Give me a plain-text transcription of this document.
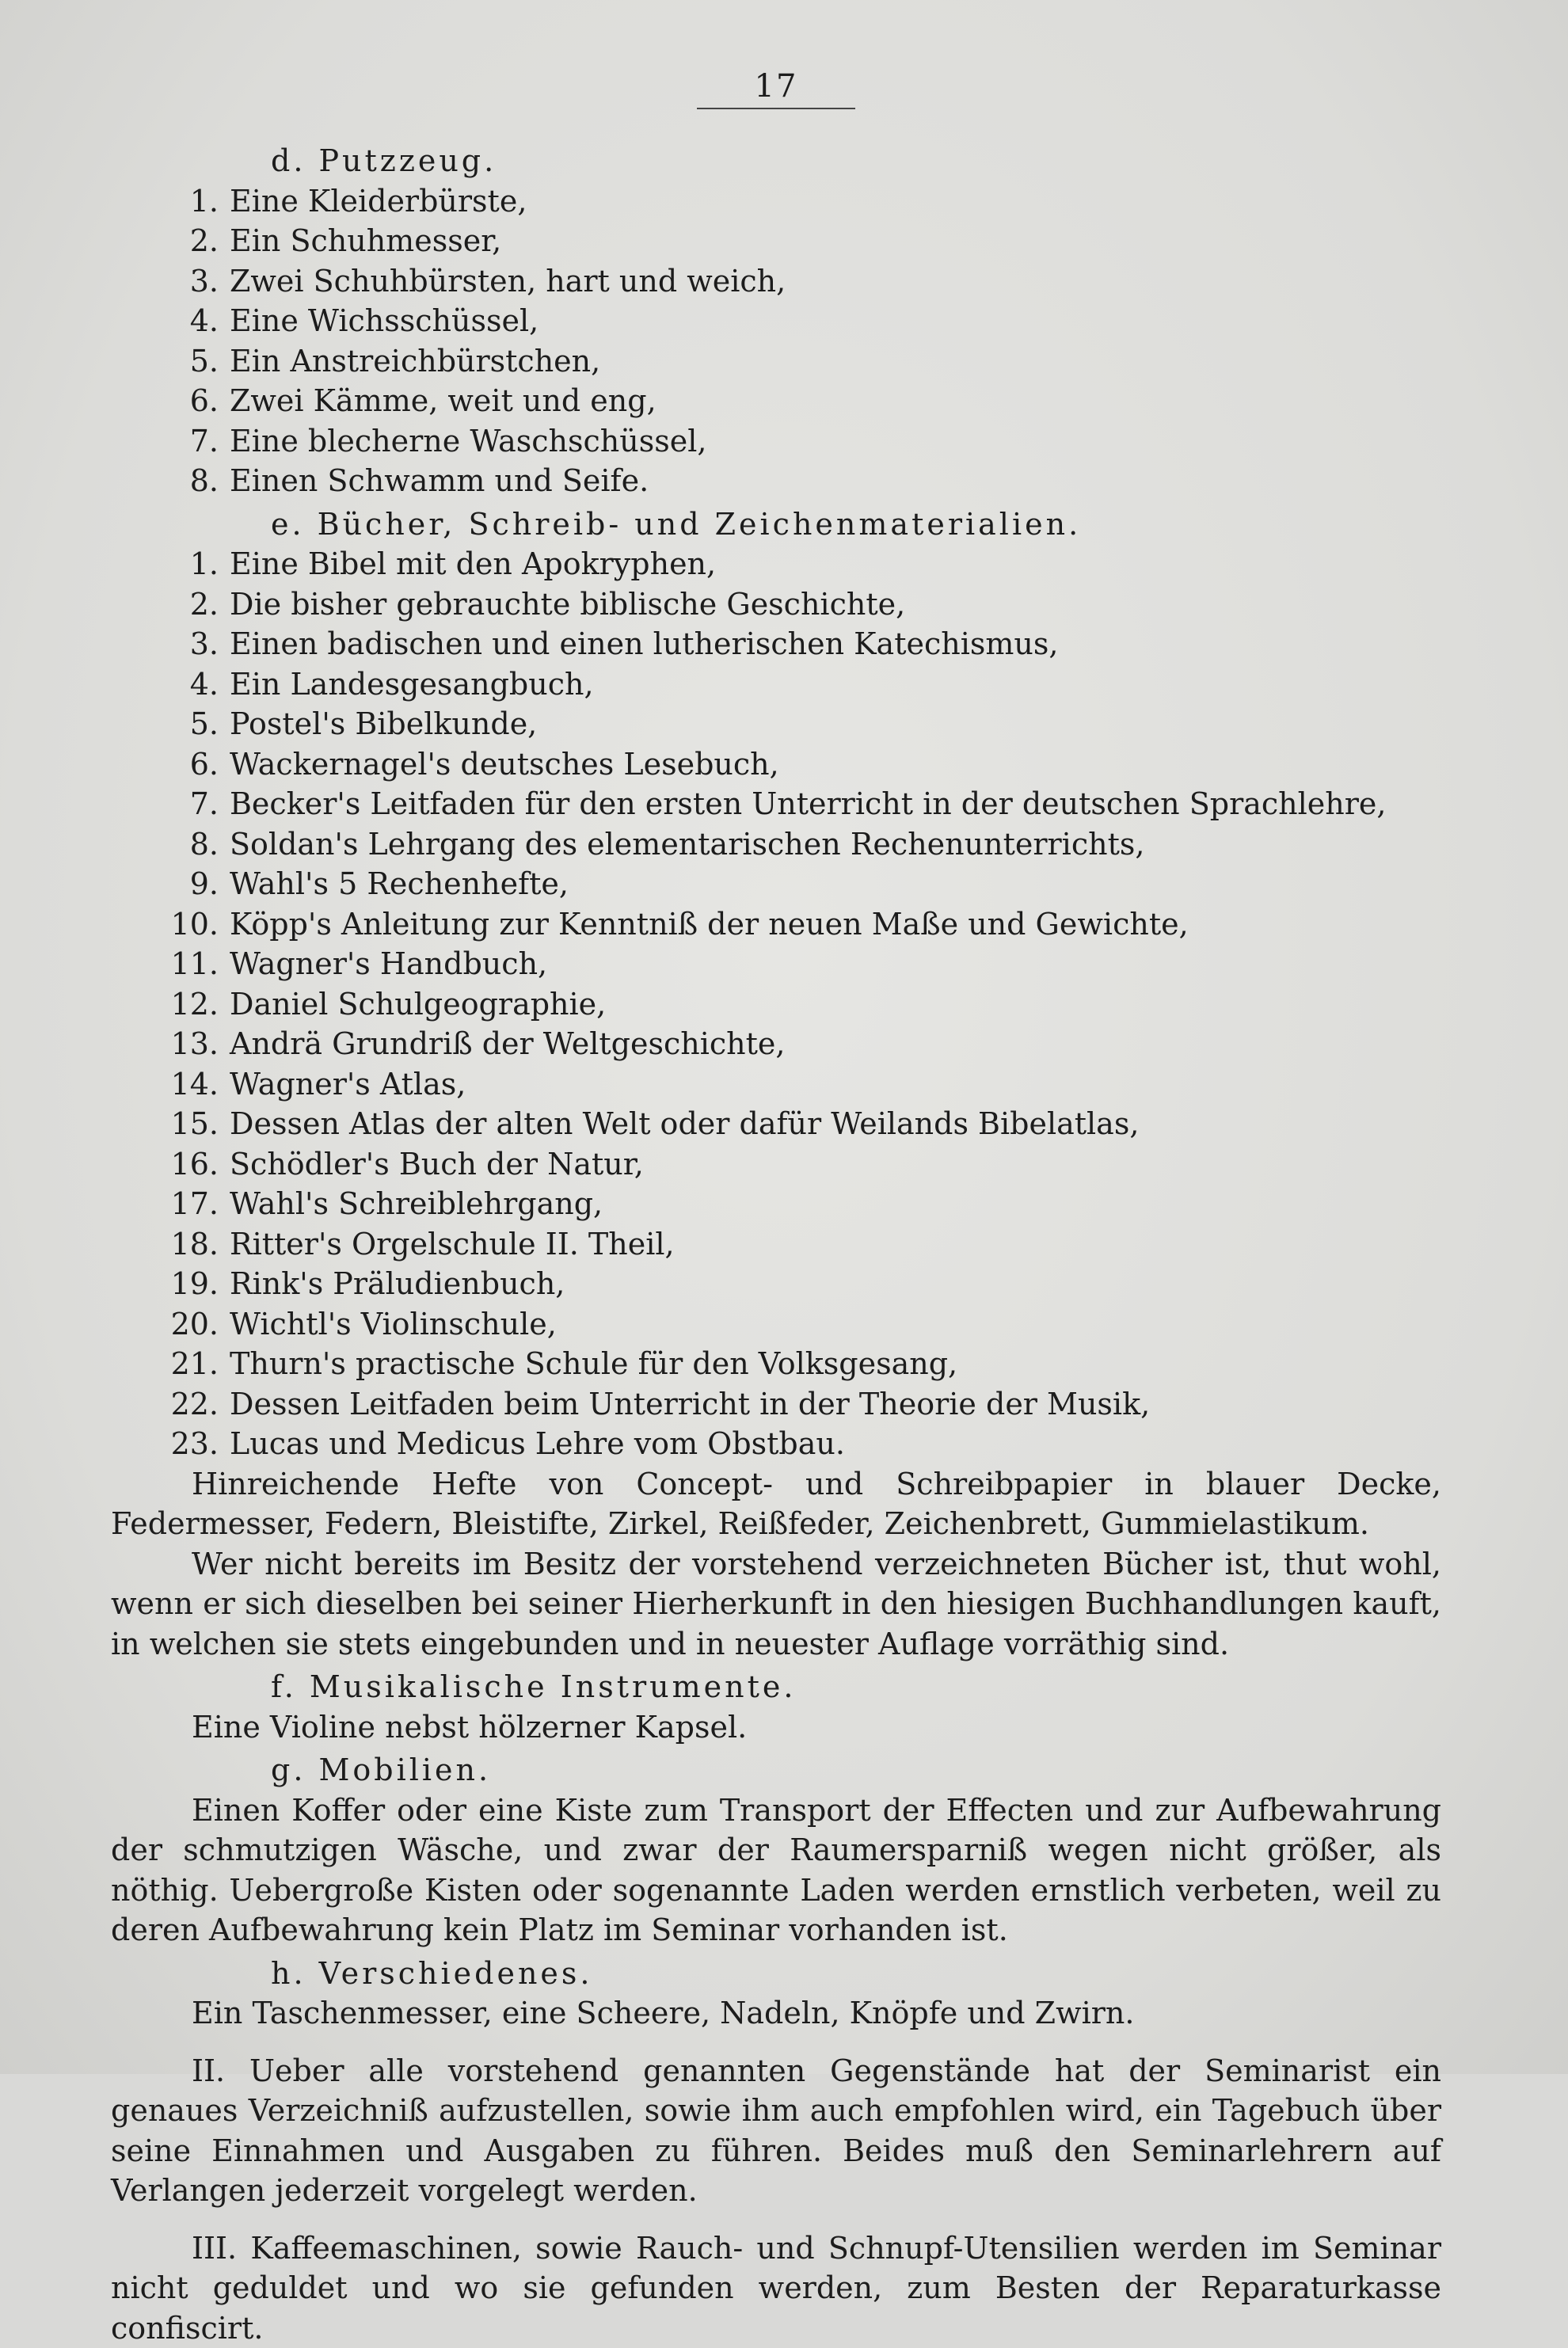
17
d. Putzzeug.
1. Eine Kleiderbürste,
2. Ein Schuhmesser,
3. Zwei Schuhbürsten, hart und weich,
4. Eine Wichsschüssel,
5. Ein Anstreichbürstchen,
6. Zwei Kämme, weit und eng,
7. Eine blecherne Waschschüssel,
8. Einen Schwamm und Seife.
e. Bücher, Schreib- und Zeichenmaterialien.
1. Eine Bibel mit den Apokryphen,
2. Die bisher gebrauchte biblische Geschichte,
3. Einen badischen und einen lutherischen Katechismus,
4. Ein Landesgesangbuch,
5. Postel's Bibelkunde,
6. Wackernagel's deutsches Lesebuch,
7. Becker's Leitfaden für den ersten Unterricht in der deutschen Sprachlehre,
8. Soldan's Lehrgang des elementarischen Rechenunterrichts,
9. Wahl's 5 Rechenhefte,
10. Köpp's Anleitung zur Kenntniß der neuen Maße und Gewichte,
11. Wagner's Handbuch,
12. Daniel Schulgeographie,
13. Andrä Grundriß der Weltgeschichte,
14. Wagner's Atlas,
15. Dessen Atlas der alten Welt oder dafür Weilands Bibelatlas,
16. Schödler's Buch der Natur,
17. Wahl's Schreiblehrgang,
18. Ritter's Orgelschule II. Theil,
19. Rink's Präludienbuch,
20. Wichtl's Violinschule,
21. Thurn's practische Schule für den Volksgesang,
22. Dessen Leitfaden beim Unterricht in der Theorie der Musik,
23. Lucas und Medicus Lehre vom Obstbau.

Hinreichende Hefte von Concept- und Schreibpapier in blauer Decke, Federmesser, Federn, Bleistifte, Zirkel, Reißfeder, Zeichenbrett, Gummielastikum.

Wer nicht bereits im Besitz der vorstehend verzeichneten Bücher ist, thut wohl, wenn er sich dieselben bei seiner Hierherkunft in den hiesigen Buchhandlungen kauft, in welchen sie stets eingebunden und in neuester Auflage vorräthig sind.

f. Musikalische Instrumente.

Eine Violine nebst hölzerner Kapsel.

g. Mobilien.

Einen Koffer oder eine Kiste zum Transport der Effecten und zur Aufbewahrung der schmutzigen Wäsche, und zwar der Raumersparniß wegen nicht größer, als nöthig. Uebergroße Kisten oder sogenannte Laden werden ernstlich verbeten, weil zu deren Aufbewahrung kein Platz im Seminar vorhanden ist.

h. Verschiedenes.

Ein Taschenmesser, eine Scheere, Nadeln, Knöpfe und Zwirn.

II. Ueber alle vorstehend genannten Gegenstände hat der Seminarist ein genaues Verzeichniß aufzustellen, sowie ihm auch empfohlen wird, ein Tagebuch über seine Einnahmen und Ausgaben zu führen. Beides muß den Seminarlehrern auf Verlangen jederzeit vorgelegt werden.

III. Kaffeemaschinen, sowie Rauch- und Schnupf-Utensilien werden im Seminar nicht geduldet und wo sie gefunden werden, zum Besten der Reparaturkasse confiscirt.
